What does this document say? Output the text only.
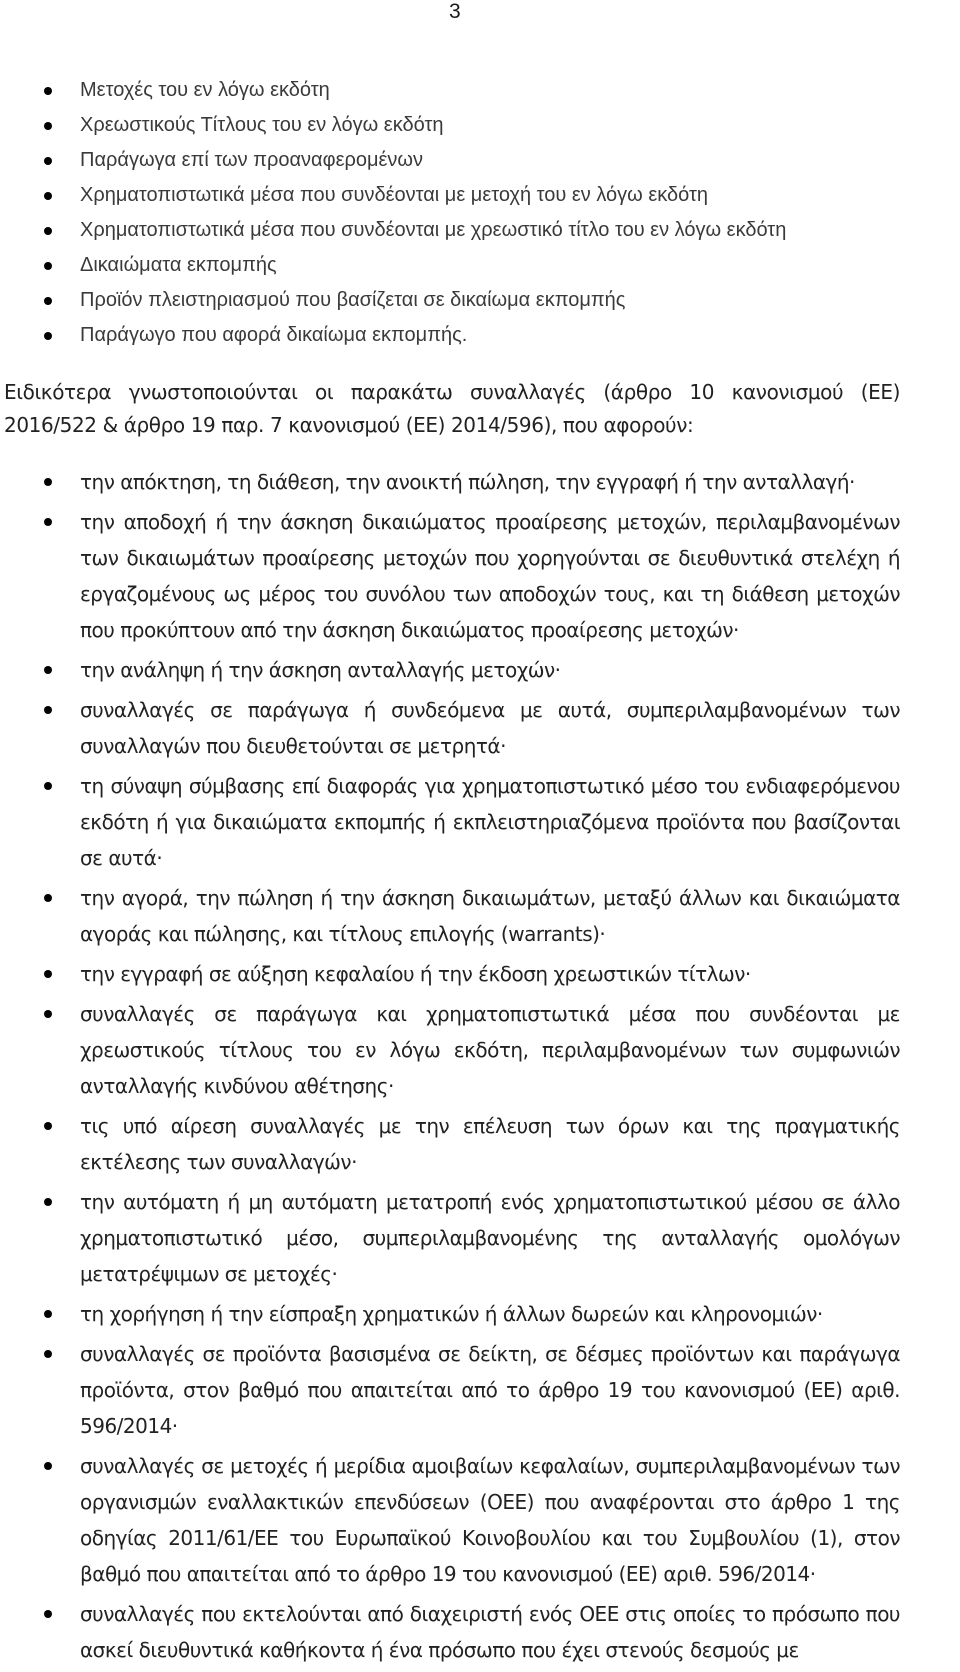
3
Μετοχές του εν λόγω εκδότη
Χρεωστικούς Τίτλους του εν λόγω εκδότη
Παράγωγα επί των προαναφερομένων
Χρηματοπιστωτικά μέσα που συνδέονται με μετοχή του εν λόγω εκδότη
Χρηματοπιστωτικά μέσα που συνδέονται με χρεωστικό τίτλο του εν λόγω εκδότη
Δικαιώματα εκπομπής
Προϊόν πλειστηριασμού που βασίζεται σε δικαίωμα εκπομπής
Παράγωγο που αφορά δικαίωμα εκπομπής.

Ειδικότερα γνωστοποιούνται οι παρακάτω συναλλαγές (άρθρο 10 κανονισμού (ΕΕ) 2016/522 & άρθρο 19 παρ. 7 κανονισμού (ΕΕ) 2014/596), που αφορούν:

την απόκτηση, τη διάθεση, την ανοικτή πώληση, την εγγραφή ή την ανταλλαγή·
την αποδοχή ή την άσκηση δικαιώματος προαίρεσης μετοχών, περιλαμβανομένων των δικαιωμάτων προαίρεσης μετοχών που χορηγούνται σε διευθυντικά στελέχη ή εργαζομένους ως μέρος του συνόλου των αποδοχών τους, και τη διάθεση μετοχών που προκύπτουν από την άσκηση δικαιώματος προαίρεσης μετοχών·
την ανάληψη ή την άσκηση ανταλλαγής μετοχών·
συναλλαγές σε παράγωγα ή συνδεόμενα με αυτά, συμπεριλαμβανομένων των συναλλαγών που διευθετούνται σε μετρητά·
τη σύναψη σύμβασης επί διαφοράς για χρηματοπιστωτικό μέσο του ενδιαφερόμενου εκδότη ή για δικαιώματα εκπομπής ή εκπλειστηριαζόμενα προϊόντα που βασίζονται σε αυτά·
την αγορά, την πώληση ή την άσκηση δικαιωμάτων, μεταξύ άλλων και δικαιώματα αγοράς και πώλησης, και τίτλους επιλογής (warrants)·
την εγγραφή σε αύξηση κεφαλαίου ή την έκδοση χρεωστικών τίτλων·
συναλλαγές σε παράγωγα και χρηματοπιστωτικά μέσα που συνδέονται με χρεωστικούς τίτλους του εν λόγω εκδότη, περιλαμβανομένων των συμφωνιών ανταλλαγής κινδύνου αθέτησης·
τις υπό αίρεση συναλλαγές με την επέλευση των όρων και της πραγματικής εκτέλεσης των συναλλαγών·
την αυτόματη ή μη αυτόματη μετατροπή ενός χρηματοπιστωτικού μέσου σε άλλο χρηματοπιστωτικό μέσο, συμπεριλαμβανομένης της ανταλλαγής ομολόγων μετατρέψιμων σε μετοχές·
τη χορήγηση ή την είσπραξη χρηματικών ή άλλων δωρεών και κληρονομιών·
συναλλαγές σε προϊόντα βασισμένα σε δείκτη, σε δέσμες προϊόντων και παράγωγα προϊόντα, στον βαθμό που απαιτείται από το άρθρο 19 του κανονισμού (ΕΕ) αριθ. 596/2014·
συναλλαγές σε μετοχές ή μερίδια αμοιβαίων κεφαλαίων, συμπεριλαμβανομένων των οργανισμών εναλλακτικών επενδύσεων (ΟΕΕ) που αναφέρονται στο άρθρο 1 της οδηγίας 2011/61/ΕΕ του Ευρωπαϊκού Κοινοβουλίου και του Συμβουλίου (1), στον βαθμό που απαιτείται από το άρθρο 19 του κανονισμού (ΕΕ) αριθ. 596/2014·
συναλλαγές που εκτελούνται από διαχειριστή ενός ΟΕΕ στις οποίες το πρόσωπο που ασκεί διευθυντικά καθήκοντα ή ένα πρόσωπο που έχει στενούς δεσμούς με
